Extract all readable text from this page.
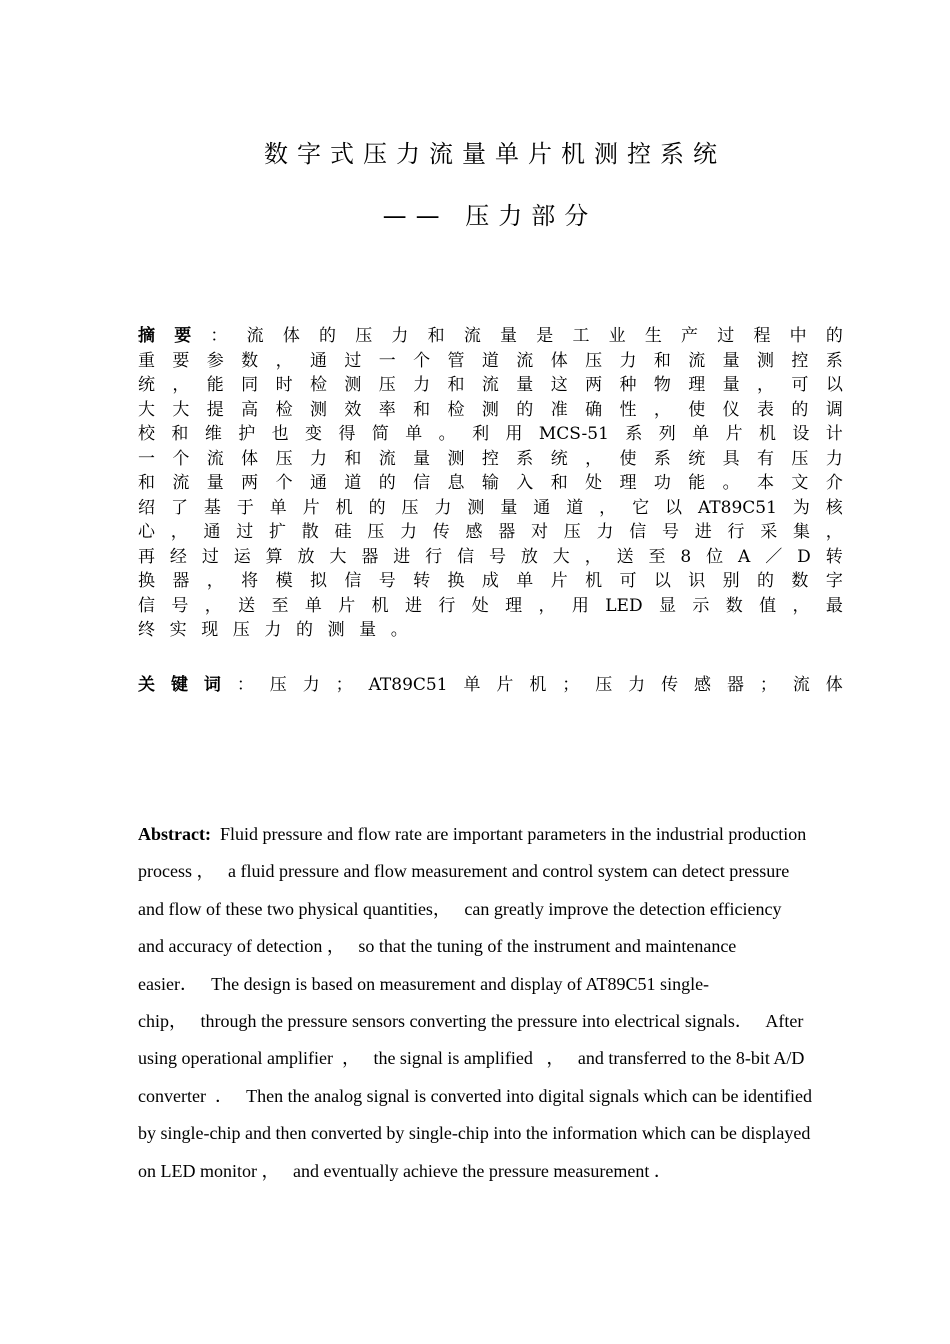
数字式压力流量单片机测控系统
—— 压力部分
摘 要 ： 流 体 的 压 力 和 流 量 是 工 业 生 产 过 程 中 的
重 要 参 数 ， 通 过 一 个 管 道 流 体 压 力 和 流 量 测 控 系
统 ， 能 同 时 检 测 压 力 和 流 量 这 两 种 物 理 量 ， 可 以
大 大 提 高 检 测 效 率 和 检 测 的 准 确 性 ， 使 仪 表 的 调
校 和 维 护 也 变 得 简 单 。 利 用 MCS-51 系 列 单 片 机 设 计
一 个 流 体 压 力 和 流 量 测 控 系 统 ， 使 系 统 具 有 压 力
和 流 量 两 个 通 道 的 信 息 输 入 和 处 理 功 能 。 本 文 介
绍 了 基 于 单 片 机 的 压 力 测 量 通 道 ， 它 以 AT89C51 为 核
心 ， 通 过 扩 散 硅 压 力 传 感 器 对 压 力 信 号 进 行 采 集 ，
再 经 过 运 算 放 大 器 进 行 信 号 放 大 ， 送 至 8 位 A ／ D 转
换 器 ， 将 模 拟 信 号 转 换 成 单 片 机 可 以 识 别 的 数 字
信 号 ， 送 至 单 片 机 进 行 处 理 ， 用 LED 显 示 数 值 ， 最
终 实 现 压 力 的 测 量 。
关 键 词 ： 压 力 ； AT89C51 单 片 机 ； 压 力 传 感 器 ； 流 体
Abstract:  Fluid pressure and flow rate are important parameters in the industrial production
process ，   a fluid pressure and flow measurement and control system can detect pressure
and flow of these two physical quantities，   can greatly improve the detection efficiency
and accuracy of detection ，   so that the tuning of the instrument and maintenance
easier．   The design is based on measurement and display of AT89C51 single-
chip，   through the pressure sensors converting the pressure into electrical signals．   After
using operational amplifier  ，   the signal is amplified   ，   and transferred to the 8-bit A/D
converter  ．   Then the analog signal is converted into digital signals which can be identified
by single-chip and then converted by single-chip into the information which can be displayed
on LED monitor ，   and eventually achieve the pressure measurement ．
